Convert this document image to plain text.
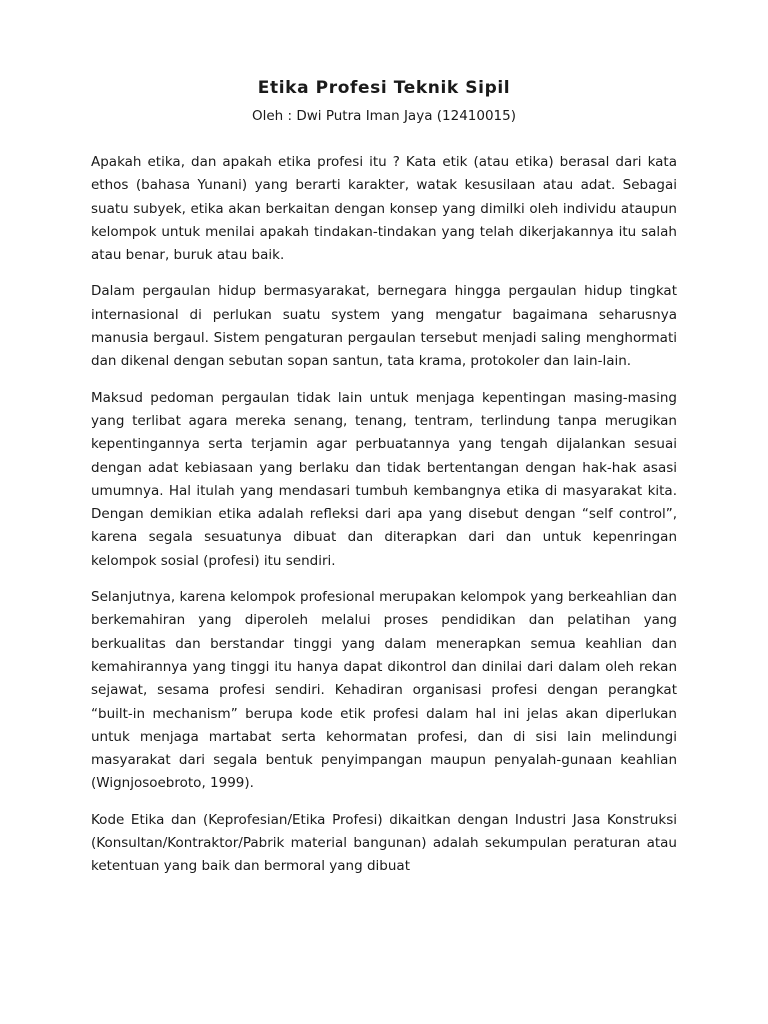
Etika Profesi Teknik Sipil

Oleh : Dwi Putra Iman Jaya (12410015)

Apakah etika, dan apakah etika profesi itu ? Kata etik (atau etika) berasal dari kata ethos (bahasa Yunani) yang berarti karakter, watak kesusilaan atau adat. Sebagai suatu subyek, etika akan berkaitan dengan konsep yang dimilki oleh individu ataupun kelompok untuk menilai apakah tindakan-tindakan yang telah dikerjakannya itu salah atau benar, buruk atau baik.

Dalam pergaulan hidup bermasyarakat, bernegara hingga pergaulan hidup tingkat internasional di perlukan suatu system yang mengatur bagaimana seharusnya manusia bergaul. Sistem pengaturan pergaulan tersebut menjadi saling menghormati dan dikenal dengan sebutan sopan santun, tata krama, protokoler dan lain-lain.

Maksud pedoman pergaulan tidak lain untuk menjaga kepentingan masing-masing yang terlibat agara mereka senang, tenang, tentram, terlindung tanpa merugikan kepentingannya serta terjamin agar perbuatannya yang tengah dijalankan sesuai dengan adat kebiasaan yang berlaku dan tidak bertentangan dengan hak-hak asasi umumnya. Hal itulah yang mendasari tumbuh kembangnya etika di masyarakat kita. Dengan demikian etika adalah refleksi dari apa yang disebut dengan “self control”, karena segala sesuatunya dibuat dan diterapkan dari dan untuk kepenringan kelompok sosial (profesi) itu sendiri.

Selanjutnya, karena kelompok profesional merupakan kelompok yang berkeahlian dan berkemahiran yang diperoleh melalui proses pendidikan dan pelatihan yang berkualitas dan berstandar tinggi yang dalam menerapkan semua keahlian dan kemahirannya yang tinggi itu hanya dapat dikontrol dan dinilai dari dalam oleh rekan sejawat, sesama profesi sendiri. Kehadiran organisasi profesi dengan perangkat “built-in mechanism” berupa kode etik profesi dalam hal ini jelas akan diperlukan untuk menjaga martabat serta kehormatan profesi, dan di sisi lain melindungi masyarakat dari segala bentuk penyimpangan maupun penyalah-gunaan keahlian (Wignjosoebroto, 1999).

Kode Etika dan (Keprofesian/Etika Profesi) dikaitkan dengan Industri Jasa Konstruksi (Konsultan/Kontraktor/Pabrik material bangunan) adalah sekumpulan peraturan atau ketentuan yang baik dan bermoral yang dibuat
